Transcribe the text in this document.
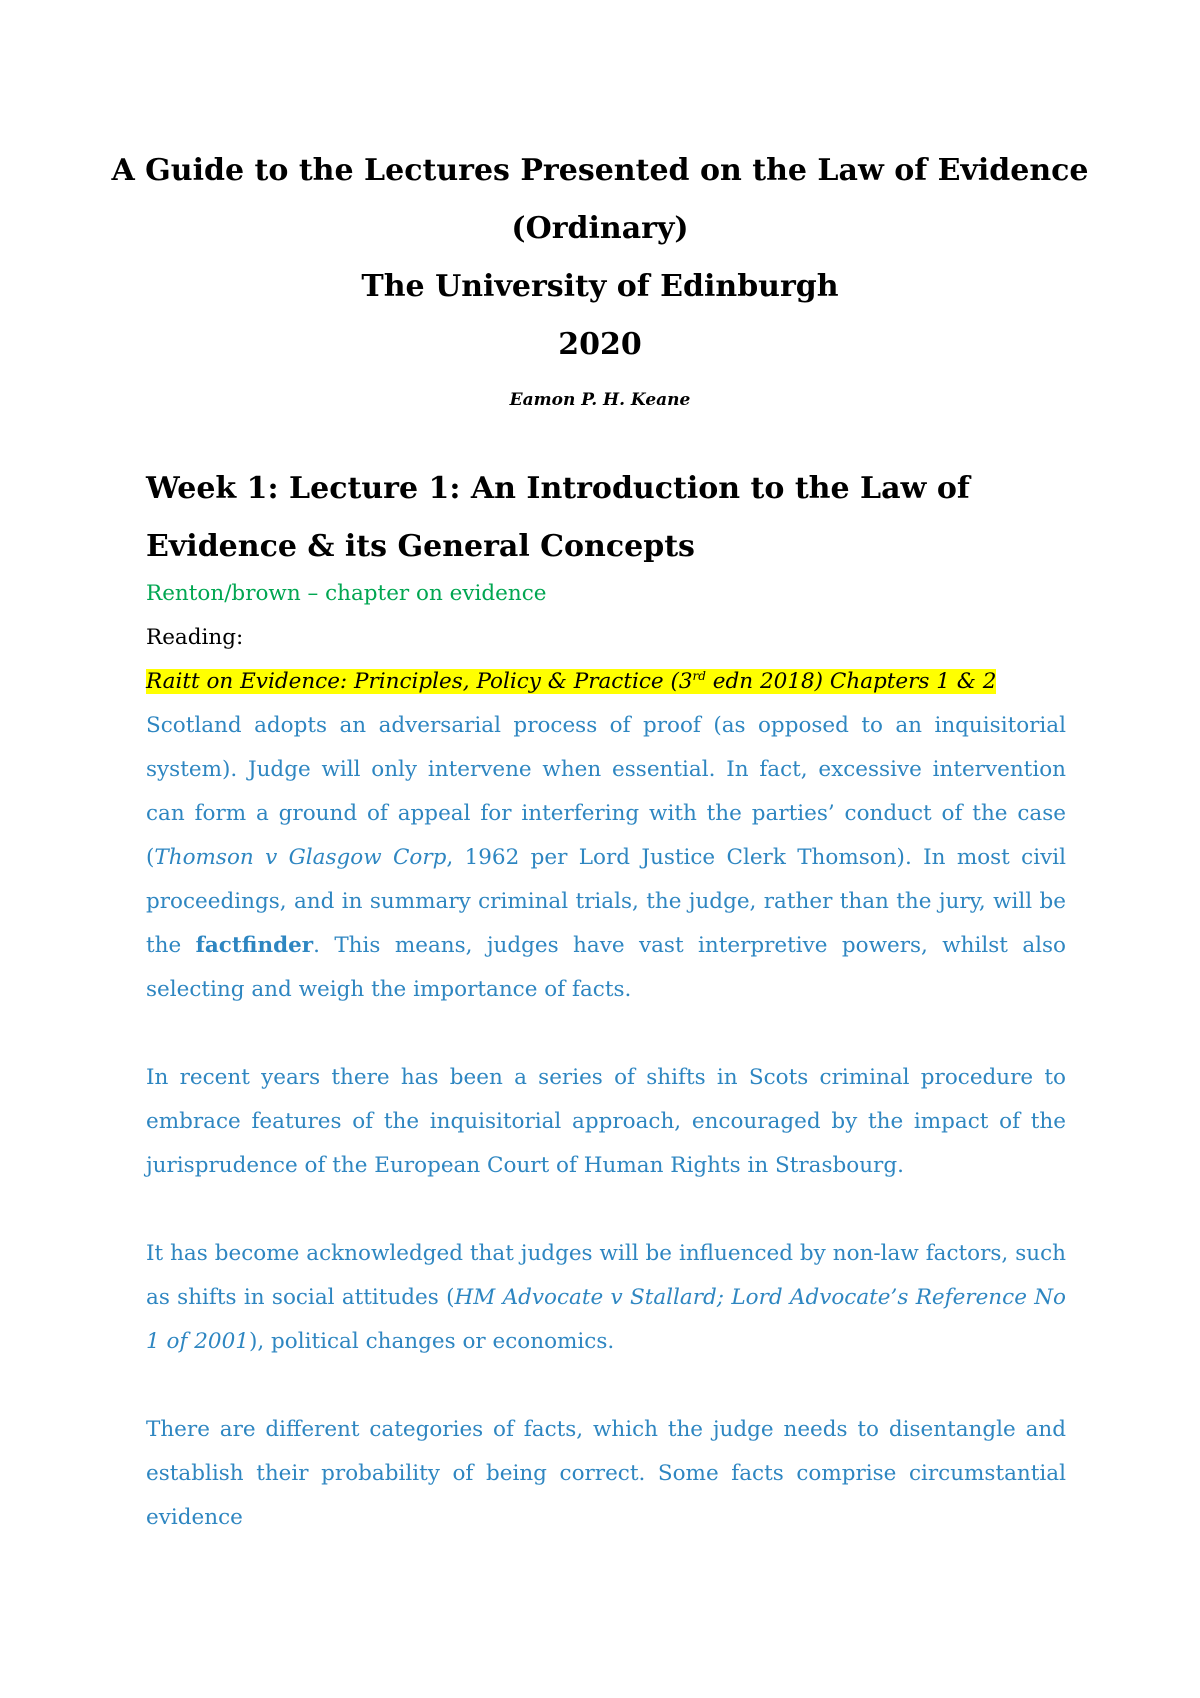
A Guide to the Lectures Presented on the Law of Evidence

(Ordinary)

The University of Edinburgh

2020

Eamon P. H. Keane
Week 1: Lecture 1: An Introduction to the Law of Evidence & its General Concepts
Renton/brown – chapter on evidence
Reading:
Raitt on Evidence: Principles, Policy & Practice (3rd edn 2018) Chapters 1 & 2

Scotland adopts an adversarial process of proof (as opposed to an inquisitorial system). Judge will only intervene when essential. In fact, excessive intervention can form a ground of appeal for interfering with the parties’ conduct of the case (Thomson v Glasgow Corp, 1962 per Lord Justice Clerk Thomson). In most civil proceedings, and in summary criminal trials, the judge, rather than the jury, will be the factfinder. This means, judges have vast interpretive powers, whilst also selecting and weigh the importance of facts.

In recent years there has been a series of shifts in Scots criminal procedure to embrace features of the inquisitorial approach, encouraged by the impact of the jurisprudence of the European Court of Human Rights in Strasbourg.

It has become acknowledged that judges will be influenced by non-law factors, such as shifts in social attitudes (HM Advocate v Stallard; Lord Advocate’s Reference No 1 of 2001), political changes or economics.

There are different categories of facts, which the judge needs to disentangle and establish their probability of being correct. Some facts comprise circumstantial evidence
